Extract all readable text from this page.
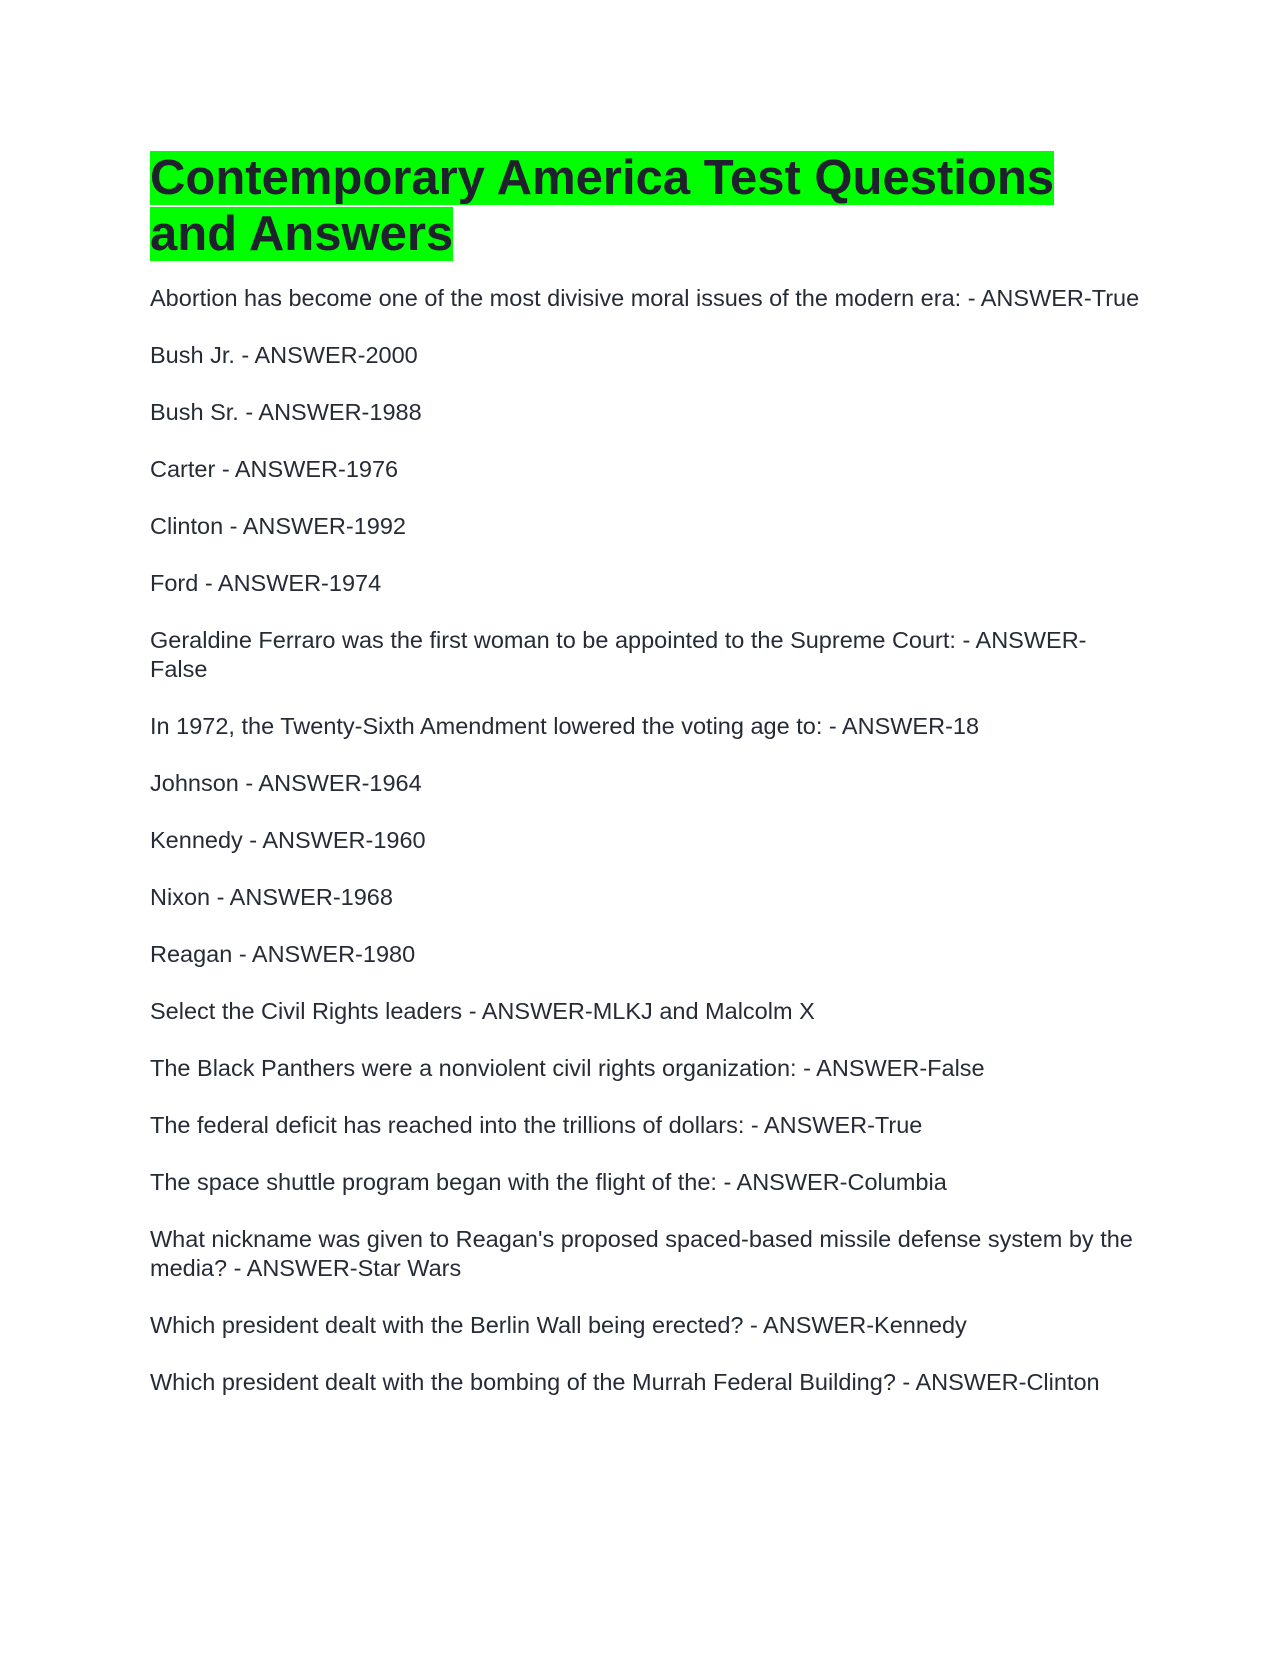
Contemporary America Test Questions and Answers
Abortion has become one of the most divisive moral issues of the modern era: - ANSWER-True
Bush Jr. - ANSWER-2000
Bush Sr. - ANSWER-1988
Carter - ANSWER-1976
Clinton - ANSWER-1992
Ford - ANSWER-1974
Geraldine Ferraro was the first woman to be appointed to the Supreme Court: - ANSWER-False
In 1972, the Twenty-Sixth Amendment lowered the voting age to: - ANSWER-18
Johnson - ANSWER-1964
Kennedy - ANSWER-1960
Nixon - ANSWER-1968
Reagan - ANSWER-1980
Select the Civil Rights leaders - ANSWER-MLKJ and Malcolm X
The Black Panthers were a nonviolent civil rights organization: - ANSWER-False
The federal deficit has reached into the trillions of dollars: - ANSWER-True
The space shuttle program began with the flight of the: - ANSWER-Columbia
What nickname was given to Reagan's proposed spaced-based missile defense system by the media? - ANSWER-Star Wars
Which president dealt with the Berlin Wall being erected? - ANSWER-Kennedy
Which president dealt with the bombing of the Murrah Federal Building? - ANSWER-Clinton
